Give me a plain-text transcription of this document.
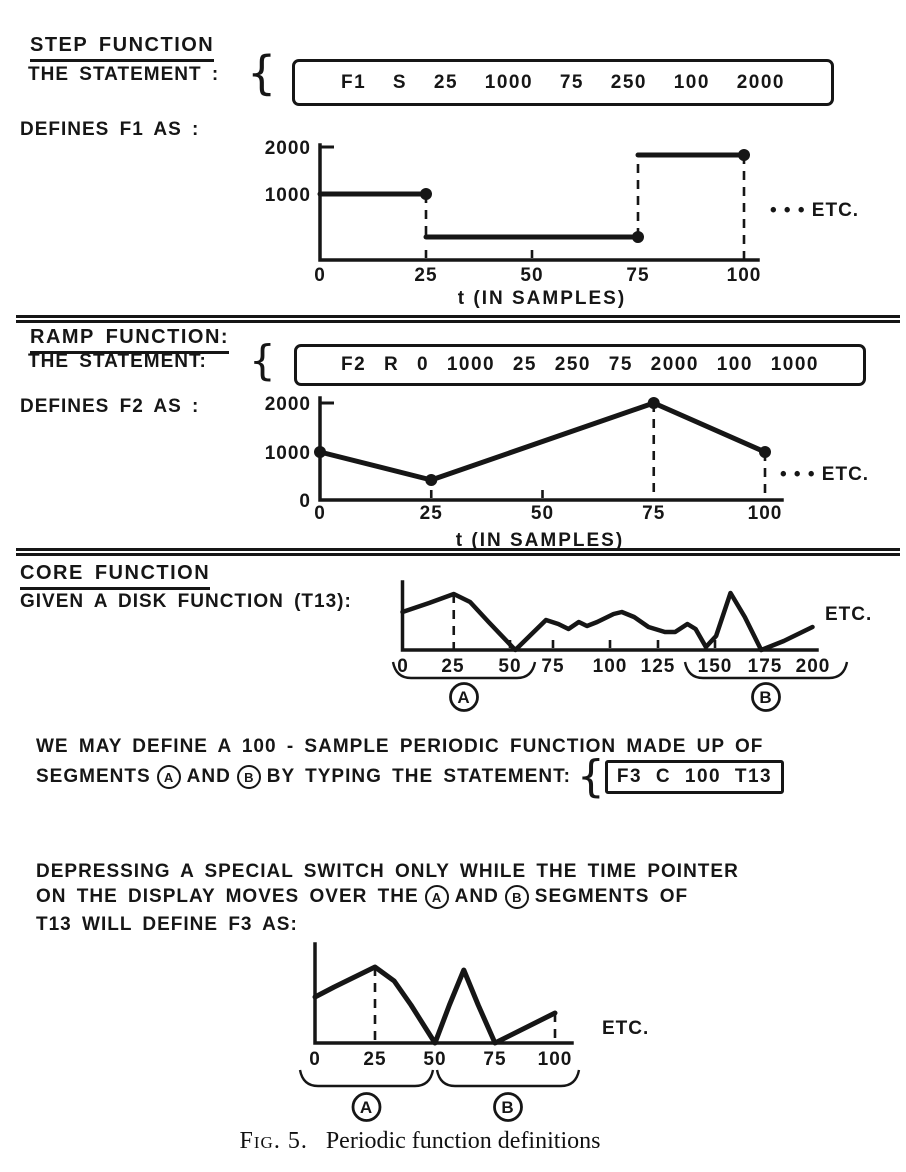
STEP FUNCTION
THE STATEMENT : {	F1 S 25 1000 75 250 100 2000
DEFINES F1 AS :
1000
2000
0	25	50	75	100
• • • ETC.
t (IN SAMPLES)
RAMP FUNCTION:
THE STATEMENT: {	F2 R 0 1000 25 250 75 2000 100 1000
DEFINES F2 AS :
0
1000
2000
0	25	50	75	100
• • • ETC.
t (IN SAMPLES)
CORE FUNCTION
GIVEN A DISK FUNCTION (T13):
0 25 50 75 100 125 150 175 200
ETC.
A	B
WE MAY DEFINE A 100 - SAMPLE PERIODIC FUNCTION MADE UP OF
SEGMENTS	A AND	B BY TYPING THE STATEMENT: { F3 C 100 T13
DEPRESSING A SPECIAL SWITCH ONLY WHILE THE TIME POINTER
ON THE DISPLAY MOVES OVER THE	A AND	B SEGMENTS OF
T13 WILL DEFINE F3 AS:
0 25 50 75 100
ETC.
A	B
Fig. 5. Periodic function definitions
